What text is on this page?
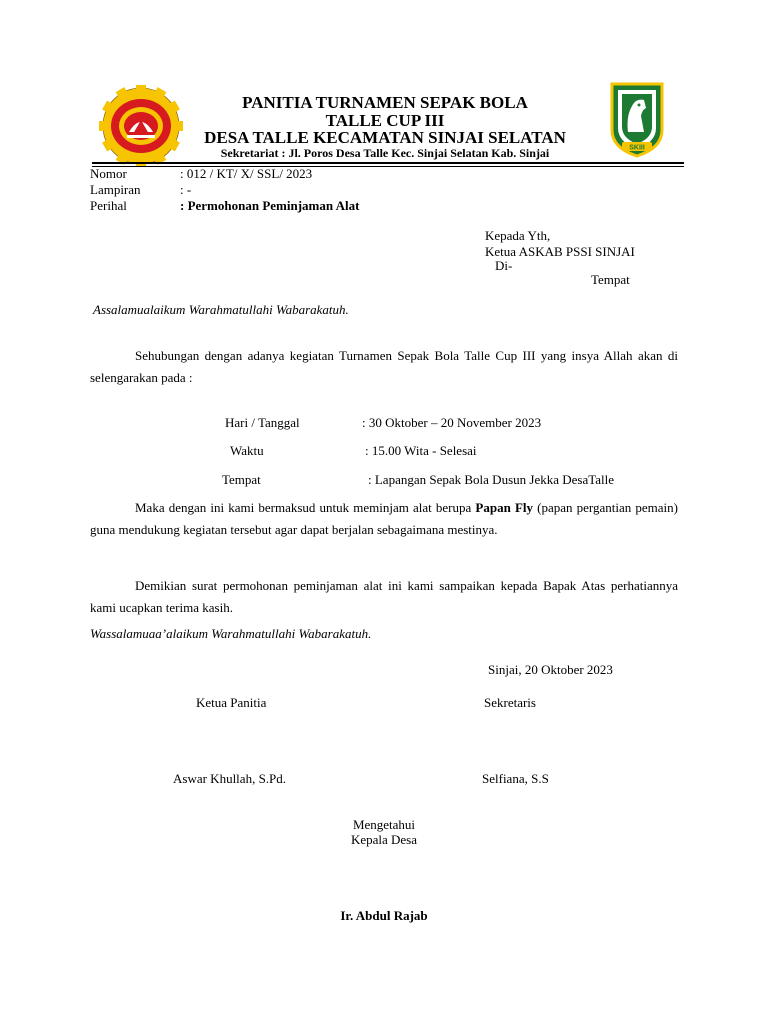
SKIII
PANITIA TURNAMEN SEPAK BOLA
TALLE CUP III
DESA TALLE KECAMATAN SINJAI SELATAN
Sekretariat : Jl. Poros Desa Talle Kec. Sinjai Selatan Kab. Sinjai
Nomor	: 012 / KT/ X/ SSL/ 2023
Lampiran	: -
Perihal	: Permohonan Peminjaman Alat
Kepada Yth,
Ketua ASKAB PSSI SINJAI
Di-
Tempat
Assalamualaikum Warahmatullahi Wabarakatuh.
Sehubungan dengan adanya kegiatan Turnamen Sepak Bola Talle Cup III yang insya Allah akan di selengarakan pada :
Hari / Tanggal	: 30 Oktober – 20 November 2023
Waktu	: 15.00 Wita - Selesai
Tempat	: Lapangan Sepak Bola Dusun Jekka DesaTalle
Maka dengan ini kami bermaksud untuk meminjam alat berupa Papan Fly (papan pergantian pemain) guna mendukung kegiatan tersebut agar dapat berjalan sebagaimana mestinya.
Demikian surat permohonan peminjaman alat ini kami sampaikan kepada Bapak Atas perhatiannya kami ucapkan terima kasih.
Wassalamuaa’alaikum Warahmatullahi Wabarakatuh.
Sinjai, 20 Oktober 2023
Ketua Panitia	Sekretaris
Aswar Khullah, S.Pd.	Selfiana, S.S
Mengetahui
Kepala Desa
Ir. Abdul Rajab
